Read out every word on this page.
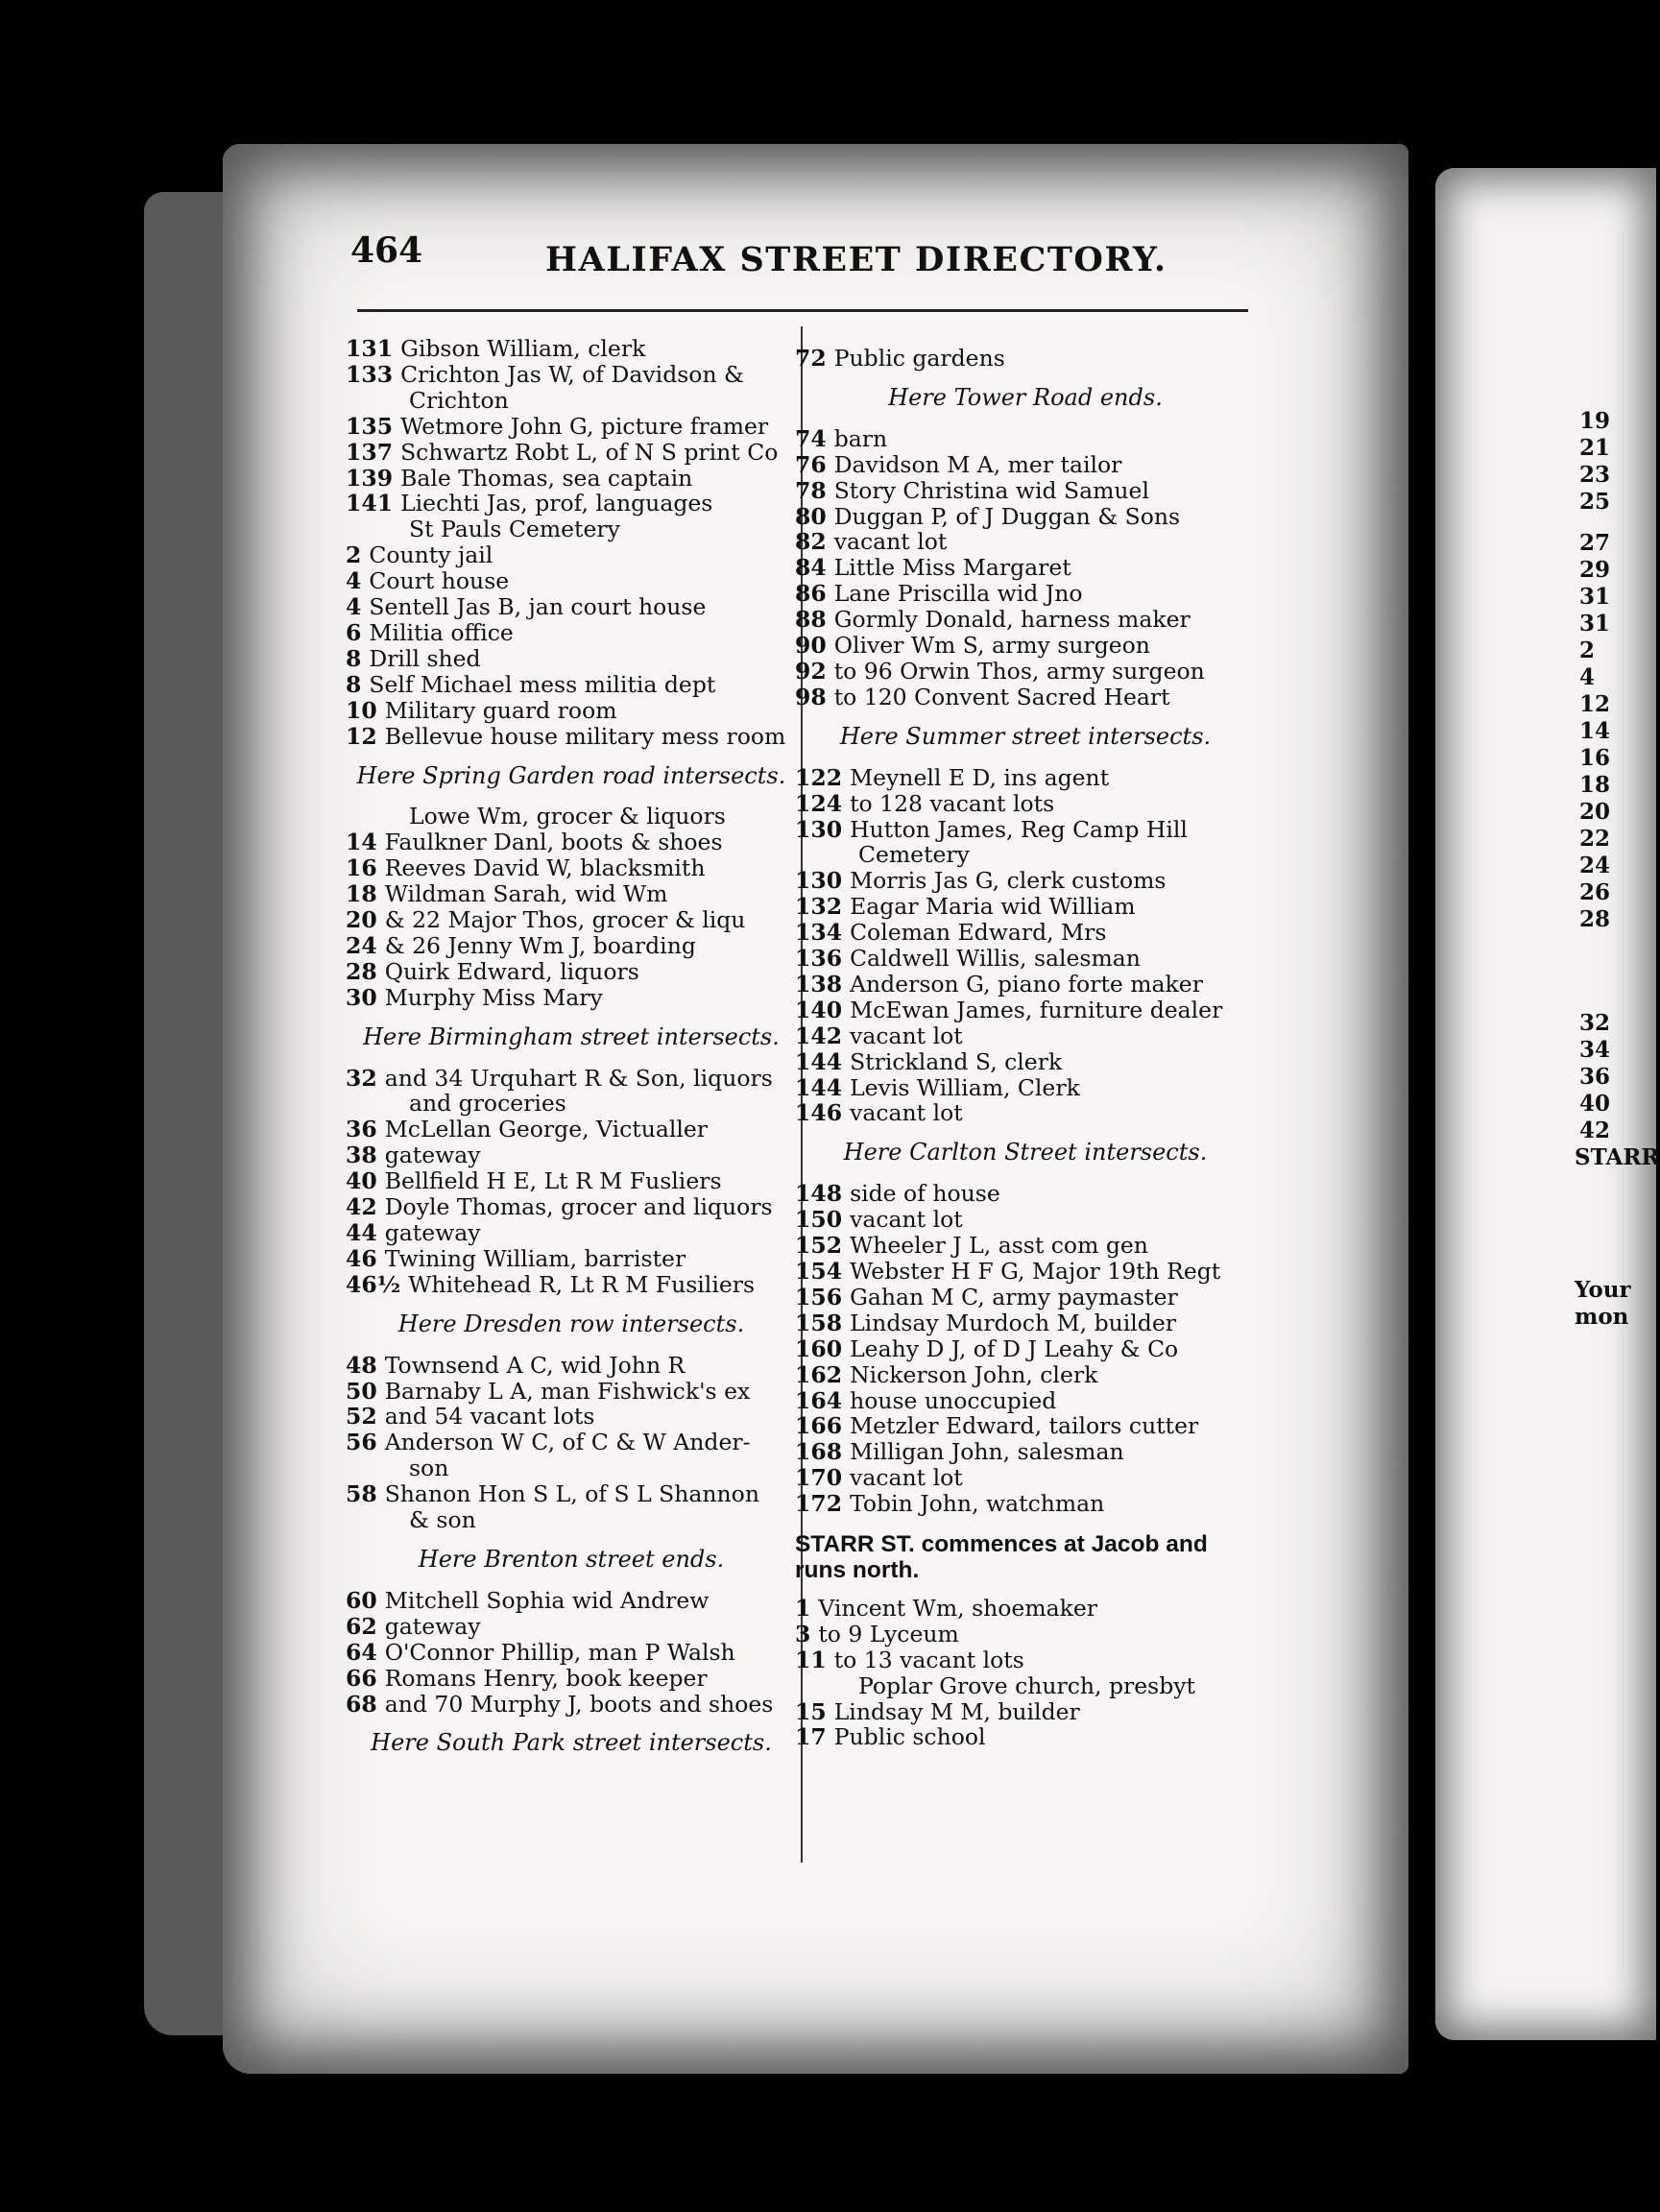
19
21
23
25
27
29
31
31
2
4
12
14
16
18
20
22
24
26
28
32
34
36
40
42
STARR
Your
mon
464	HALIFAX STREET DIRECTORY.
131 Gibson William, clerk
133 Crichton Jas W, of Davidson &
Crichton
135 Wetmore John G, picture framer
137 Schwartz Robt L, of N S print Co
139 Bale Thomas, sea captain
141 Liechti Jas, prof, languages
St Pauls Cemetery
2 County jail
4 Court house
4 Sentell Jas B, jan court house
6 Militia office
8 Drill shed
8 Self Michael mess militia dept
10 Military guard room
12 Bellevue house military mess room
Here Spring Garden road intersects.
Lowe Wm, grocer & liquors
14 Faulkner Danl, boots & shoes
16 Reeves David W, blacksmith
18 Wildman Sarah, wid Wm
20 & 22 Major Thos, grocer & liqu
24 & 26 Jenny Wm J, boarding
28 Quirk Edward, liquors
30 Murphy Miss Mary
Here Birmingham street intersects.
32 and 34 Urquhart R & Son, liquors
and groceries
36 McLellan George, Victualler
38 gateway
40 Bellfield H E, Lt R M Fusliers
42 Doyle Thomas, grocer and liquors
44 gateway
46 Twining William, barrister
46½ Whitehead R, Lt R M Fusiliers
Here Dresden row intersects.
48 Townsend A C, wid John R
50 Barnaby L A, man Fishwick's ex
52 and 54 vacant lots
56 Anderson W C, of C & W Ander-
son
58 Shanon Hon S L, of S L Shannon
& son
Here Brenton street ends.
60 Mitchell Sophia wid Andrew
62 gateway
64 O'Connor Phillip, man P Walsh
66 Romans Henry, book keeper
68 and 70 Murphy J, boots and shoes
Here South Park street intersects.
72 Public gardens
Here Tower Road ends.
74 barn
76 Davidson M A, mer tailor
78 Story Christina wid Samuel
80 Duggan P, of J Duggan & Sons
82 vacant lot
84 Little Miss Margaret
86 Lane Priscilla wid Jno
88 Gormly Donald, harness maker
90 Oliver Wm S, army surgeon
92 to 96 Orwin Thos, army surgeon
98 to 120 Convent Sacred Heart
Here Summer street intersects.
122 Meynell E D, ins agent
124 to 128 vacant lots
130 Hutton James, Reg Camp Hill
Cemetery
130 Morris Jas G, clerk customs
132 Eagar Maria wid William
134 Coleman Edward, Mrs
136 Caldwell Willis, salesman
138 Anderson G, piano forte maker
140 McEwan James, furniture dealer
142 vacant lot
144 Strickland S, clerk
144 Levis William, Clerk
146 vacant lot
Here Carlton Street intersects.
148 side of house
150 vacant lot
152 Wheeler J L, asst com gen
154 Webster H F G, Major 19th Regt
156 Gahan M C, army paymaster
158 Lindsay Murdoch M, builder
160 Leahy D J, of D J Leahy & Co
162 Nickerson John, clerk
164 house unoccupied
166 Metzler Edward, tailors cutter
168 Milligan John, salesman
170 vacant lot
172 Tobin John, watchman
STARR ST. commences at Jacob and runs north.
1 Vincent Wm, shoemaker
3 to 9 Lyceum
11 to 13 vacant lots
Poplar Grove church, presbyt
15 Lindsay M M, builder
17 Public school
